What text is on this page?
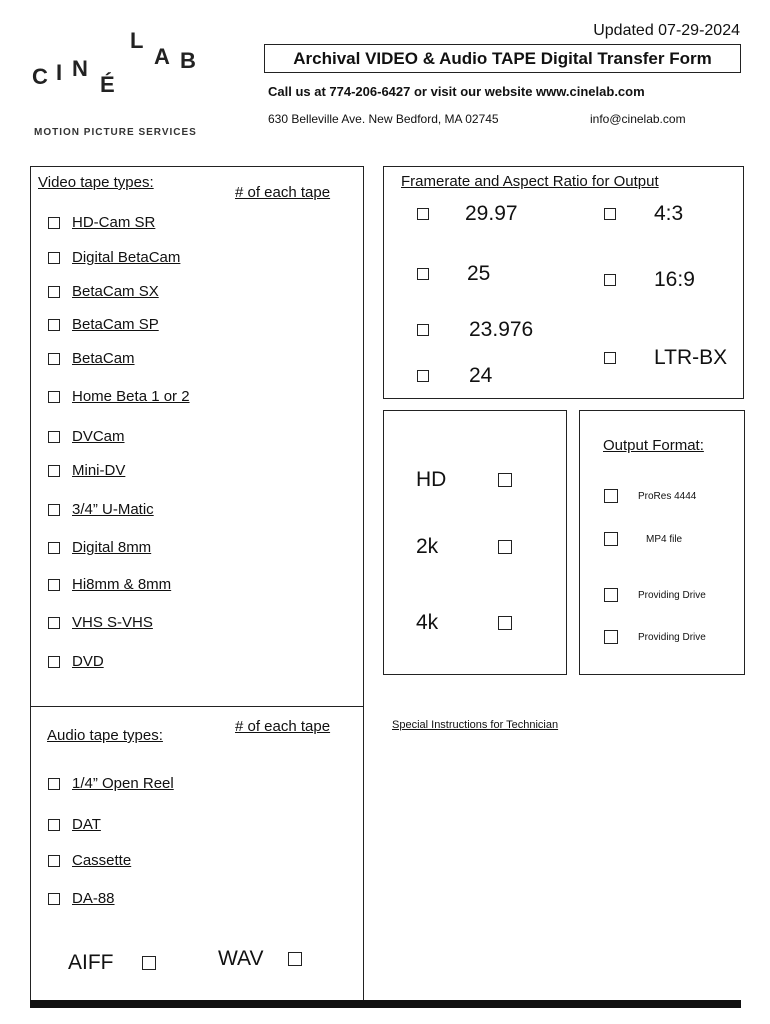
C I N
É
L
A B
MOTION PICTURE SERVICES
Updated 07-29-2024
Archival VIDEO & Audio TAPE Digital Transfer Form
Call us at 774-206-6427 or visit our website www.cinelab.com
630 Belleville Ave. New Bedford, MA 02745	info@cinelab.com
Video tape types:
# of each tape
HD-Cam SR
Digital BetaCam
BetaCam SX
BetaCam SP
BetaCam
Home Beta 1 or 2
DVCam
Mini-DV
3/4” U-Matic
Digital 8mm
Hi8mm & 8mm
VHS S-VHS
DVD
Audio tape types:
# of each tape
1/4” Open Reel
DAT
Cassette
DA-88
AIFF	WAV
Framerate and Aspect Ratio for Output
29.97
25
23.976
24
4:3
16:9
LTR-BX
HD
2k
4k
Output Format:
ProRes 4444
MP4 file
Providing Drive
Providing Drive
Special Instructions for Technician
